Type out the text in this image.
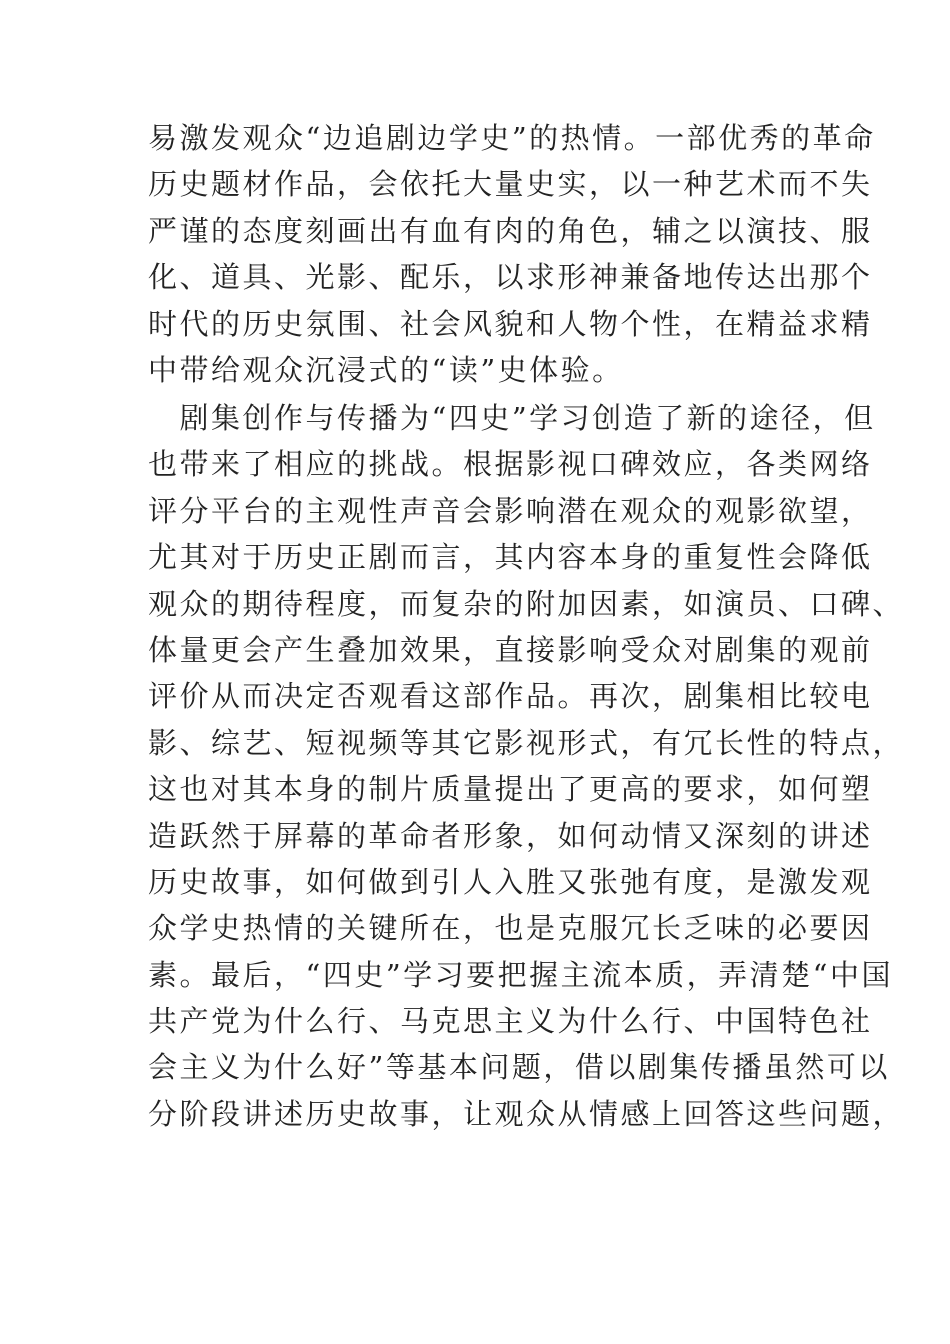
易激发观众“边追剧边学史”的热情。一部优秀的革命
历史题材作品，会依托大量史实，以一种艺术而不失
严谨的态度刻画出有血有肉的角色，辅之以演技、服
化、道具、光影、配乐，以求形神兼备地传达出那个
时代的历史氛围、社会风貌和人物个性，在精益求精
中带给观众沉浸式的“读”史体验。
　剧集创作与传播为“四史”学习创造了新的途径，但
也带来了相应的挑战。根据影视口碑效应，各类网络
评分平台的主观性声音会影响潜在观众的观影欲望，
尤其对于历史正剧而言，其内容本身的重复性会降低
观众的期待程度，而复杂的附加因素，如演员、口碑、
体量更会产生叠加效果，直接影响受众对剧集的观前
评价从而决定否观看这部作品。再次，剧集相比较电
影、综艺、短视频等其它影视形式，有冗长性的特点，
这也对其本身的制片质量提出了更高的要求，如何塑
造跃然于屏幕的革命者形象，如何动情又深刻的讲述
历史故事，如何做到引人入胜又张弛有度，是激发观
众学史热情的关键所在，也是克服冗长乏味的必要因
素。最后，“四史”学习要把握主流本质，弄清楚“中国
共产党为什么行、马克思主义为什么行、中国特色社
会主义为什么好”等基本问题，借以剧集传播虽然可以
分阶段讲述历史故事，让观众从情感上回答这些问题，
